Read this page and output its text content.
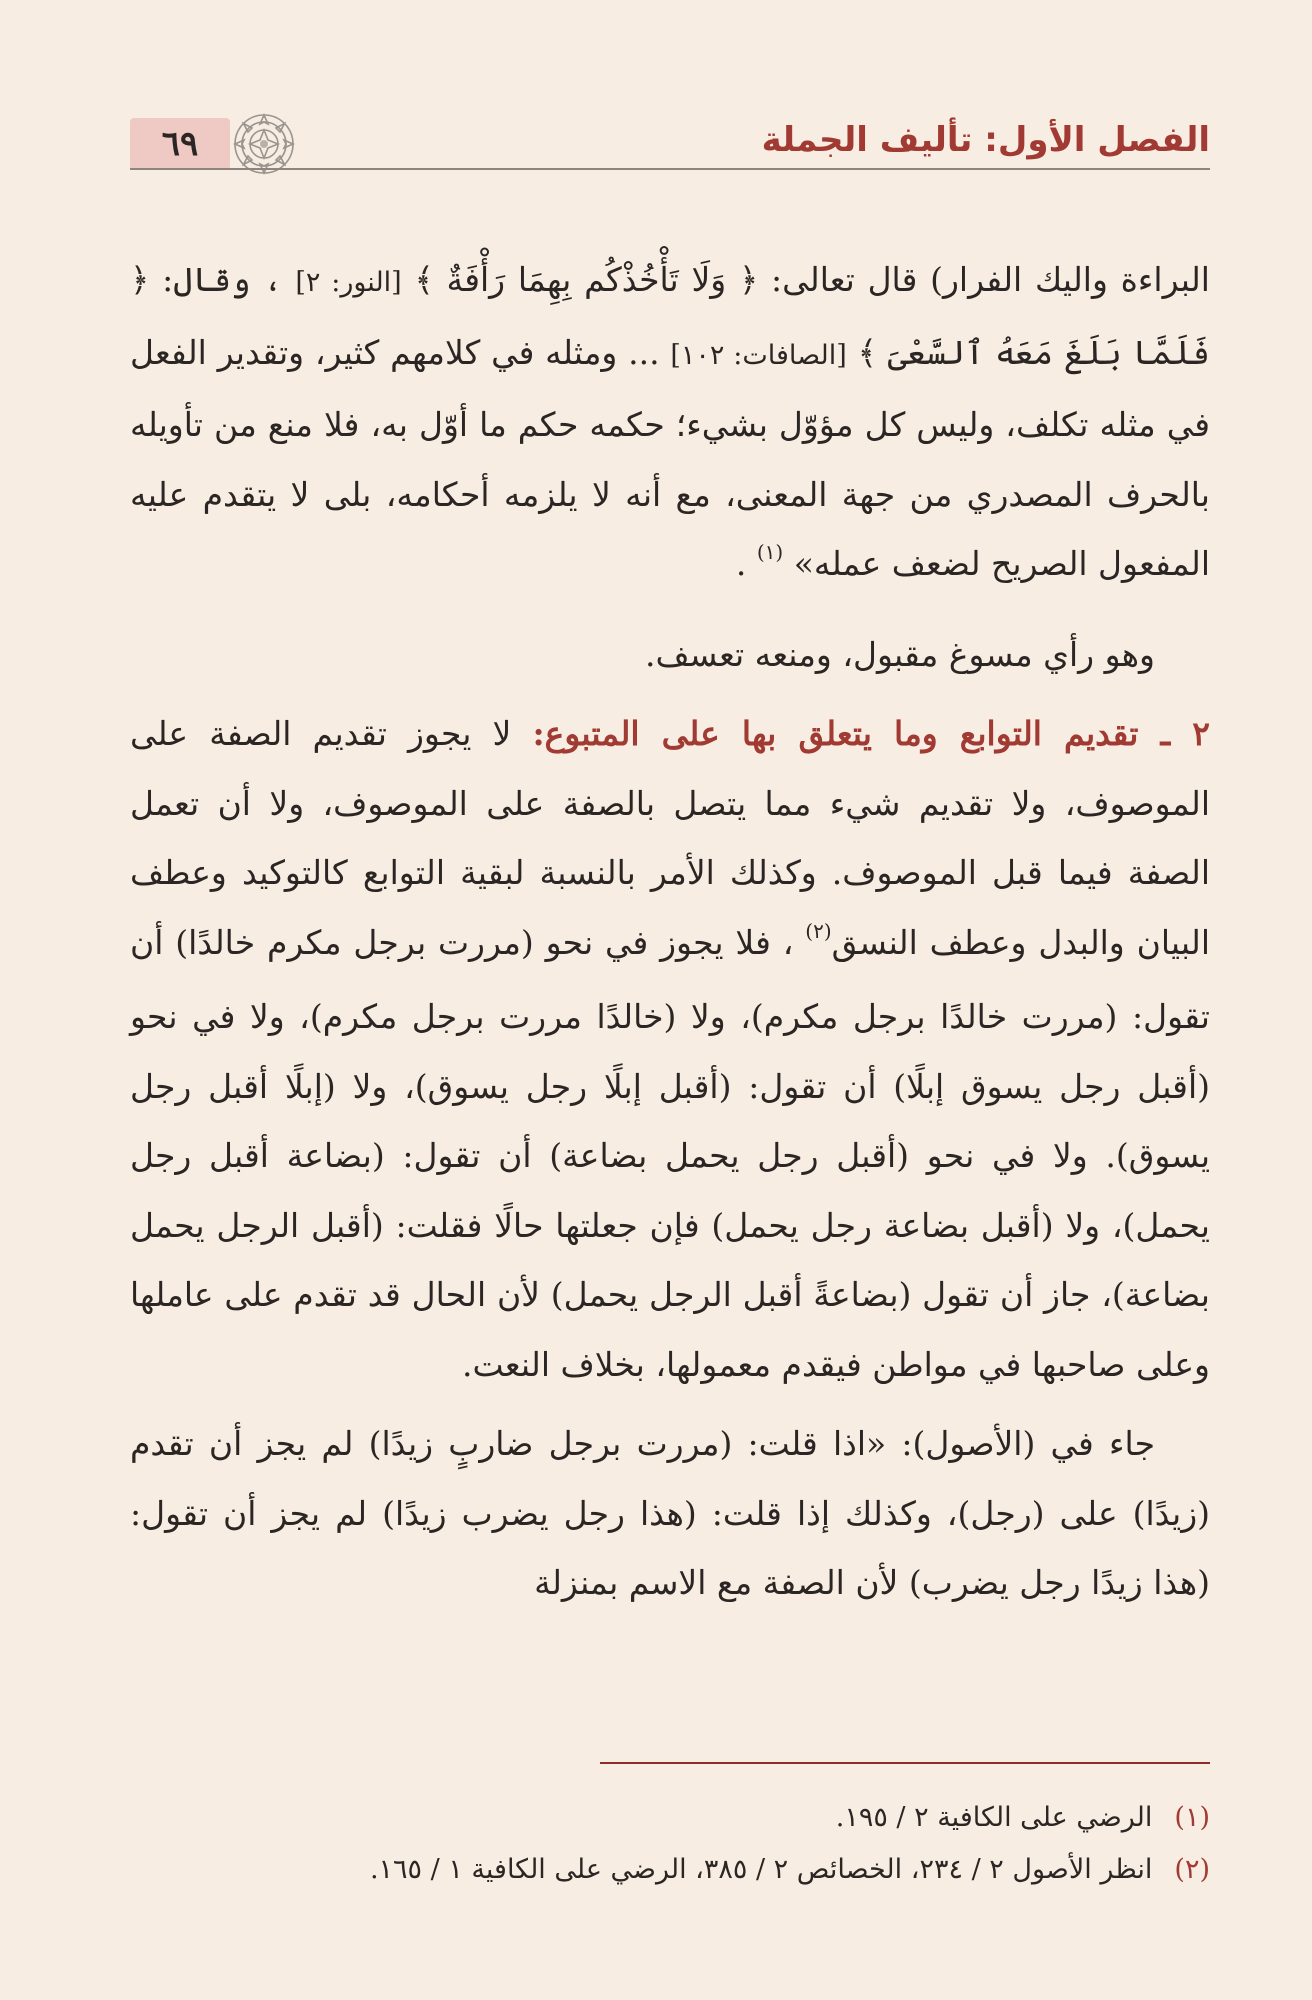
الفصل الأول: تأليف الجملة
٦٩

البراءة واليك الفرار) قال تعالى: ﴿ وَلَا تَأْخُذْكُم بِهِمَا رَأْفَةٌ ﴾ [النور: ٢] ، وقال: ﴿ فَلَمَّا بَلَغَ مَعَهُ ٱلسَّعْىَ ﴾ [الصافات: ١٠٢] ... ومثله في كلامهم كثير، وتقدير الفعل في مثله تكلف، وليس كل مؤوّل بشيء؛ حكمه حكم ما أوّل به، فلا منع من تأويله بالحرف المصدري من جهة المعنى، مع أنه لا يلزمه أحكامه، بلى لا يتقدم عليه المفعول الصريح لضعف عمله» $^{(١)}$ .

وهو رأي مسوغ مقبول، ومنعه تعسف.

٢ ـ تقديم التوابع وما يتعلق بها على المتبوع: لا يجوز تقديم الصفة على الموصوف، ولا تقديم شيء مما يتصل بالصفة على الموصوف، ولا أن تعمل الصفة فيما قبل الموصوف. وكذلك الأمر بالنسبة لبقية التوابع كالتوكيد وعطف البيان والبدل وعطف النسق$^{(٢)}$ ، فلا يجوز في نحو (مررت برجل مكرم خالدًا) أن تقول: (مررت خالدًا برجل مكرم)، ولا (خالدًا مررت برجل مكرم)، ولا في نحو (أقبل رجل يسوق إبلًا) أن تقول: (أقبل إبلًا رجل يسوق)، ولا (إبلًا أقبل رجل يسوق). ولا في نحو (أقبل رجل يحمل بضاعة) أن تقول: (بضاعة أقبل رجل يحمل)، ولا (أقبل بضاعة رجل يحمل) فإن جعلتها حالًا فقلت: (أقبل الرجل يحمل بضاعة)، جاز أن تقول (بضاعةً أقبل الرجل يحمل) لأن الحال قد تقدم على عاملها وعلى صاحبها في مواطن فيقدم معمولها، بخلاف النعت.

جاء في (الأصول): «اذا قلت: (مررت برجل ضاربٍ زيدًا) لم يجز أن تقدم (زيدًا) على (رجل)، وكذلك إذا قلت: (هذا رجل يضرب زيدًا) لم يجز أن تقول: (هذا زيدًا رجل يضرب) لأن الصفة مع الاسم بمنزلة

(١)الرضي على الكافية ٢ / ١٩٥.

(٢)انظر الأصول ٢ / ٢٣٤، الخصائص ٢ / ٣٨٥، الرضي على الكافية ١ / ١٦٥.
